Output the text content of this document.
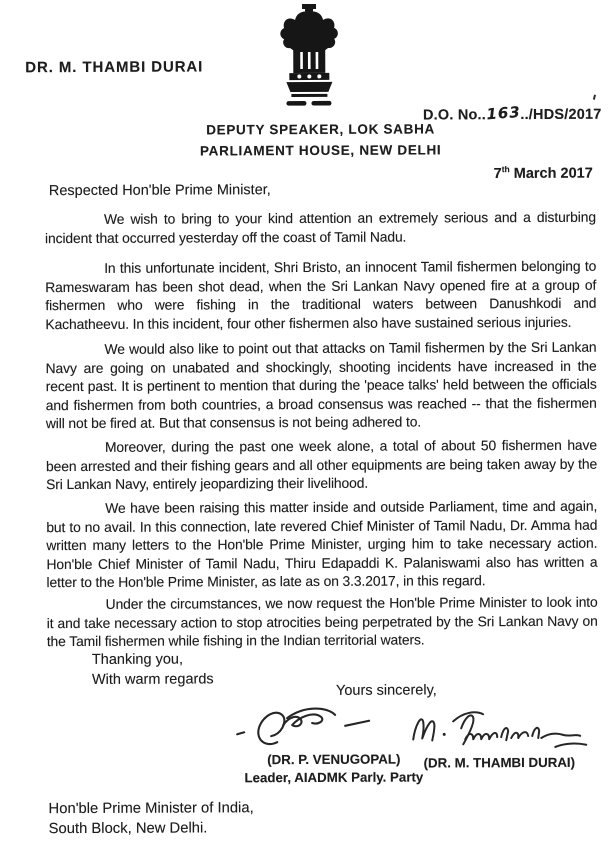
DR. M. THAMBI DURAI
DEPUTY SPEAKER, LOK SABHA
PARLIAMENT HOUSE, NEW DELHI
D.O. No..163../HDS/2017
7th March 2017
Respected Hon'ble Prime Minister,

We wish to bring to your kind attention an extremely serious and a disturbing incident that occurred yesterday off the coast of Tamil Nadu.

In this unfortunate incident, Shri Bristo, an innocent Tamil fishermen belonging to Rameswaram has been shot dead, when the Sri Lankan Navy opened fire at a group of fishermen who were fishing in the traditional waters between Danushkodi and Kachatheevu. In this incident, four other fishermen also have sustained serious injuries.

We would also like to point out that attacks on Tamil fishermen by the Sri Lankan Navy are going on unabated and shockingly, shooting incidents have increased in the recent past. It is pertinent to mention that during the 'peace talks' held between the officials and fishermen from both countries, a broad consensus was reached -- that the fishermen will not be fired at. But that consensus is not being adhered to.

Moreover, during the past one week alone, a total of about 50 fishermen have been arrested and their fishing gears and all other equipments are being taken away by the Sri Lankan Navy, entirely jeopardizing their livelihood.

We have been raising this matter inside and outside Parliament, time and again, but to no avail. In this connection, late revered Chief Minister of Tamil Nadu, Dr. Amma had written many letters to the Hon'ble Prime Minister, urging him to take necessary action. Hon'ble Chief Minister of Tamil Nadu, Thiru Edapaddi K. Palaniswami also has written a letter to the Hon'ble Prime Minister, as late as on 3.3.2017, in this regard.

Under the circumstances, we now request the Hon'ble Prime Minister to look into it and take necessary action to stop atrocities being perpetrated by the Sri Lankan Navy on the Tamil fishermen while fishing in the Indian territorial waters.

Thanking you,
With warm regards
Yours sincerely,
(DR. P. VENUGOPAL)
Leader, AIADMK Parly. Party
(DR. M. THAMBI DURAI)
Hon'ble Prime Minister of India,
South Block, New Delhi.
